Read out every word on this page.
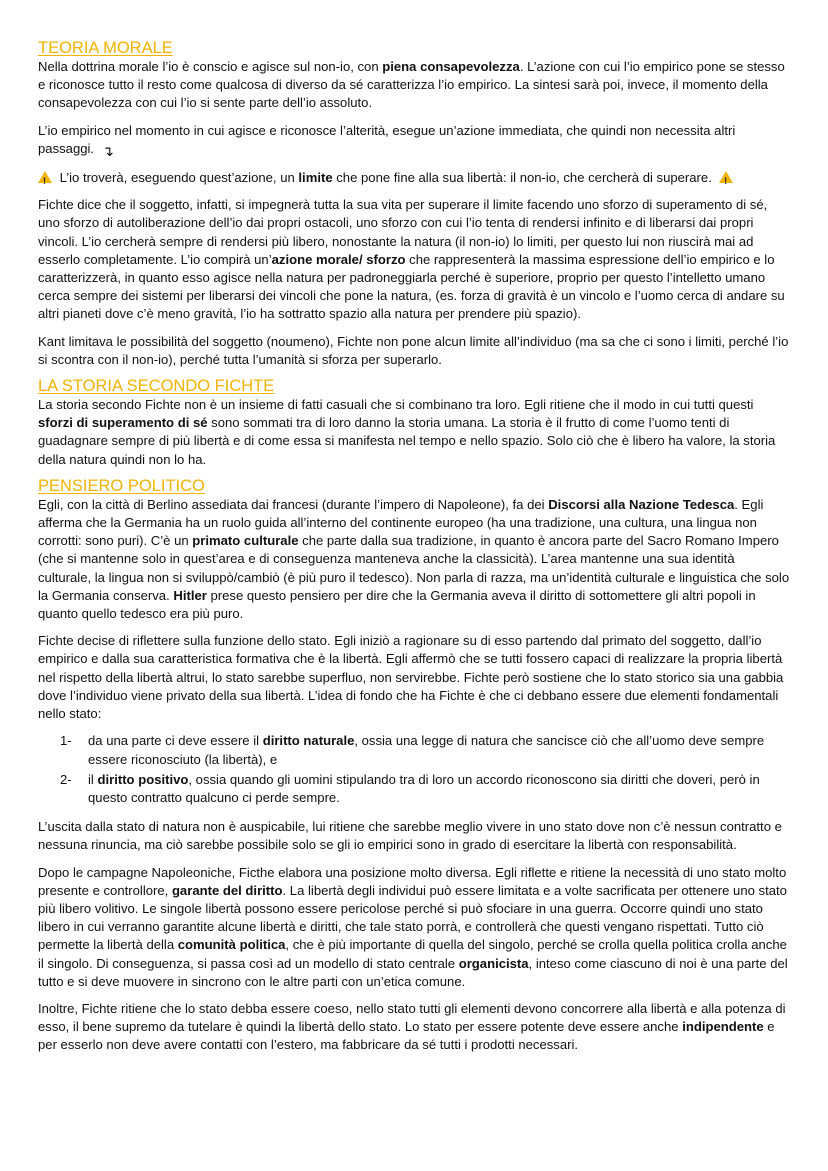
TEORIA MORALE

Nella dottrina morale l’io è conscio e agisce sul non-io, con piena consapevolezza. L’azione con cui l’io empirico pone se stesso e riconosce tutto il resto come qualcosa di diverso da sé caratterizza l’io empirico. La sintesi sarà poi, invece, il momento della consapevolezza con cui l’io si sente parte dell’io assoluto.

L’io empirico nel momento in cui agisce e riconosce l’alterità, esegue un’azione immediata, che quindi non necessita altri passaggi. ↴

! L’io troverà, eseguendo quest’azione, un limite che pone fine alla sua libertà: il non-io, che cercherà di superare.  !

Fichte dice che il soggetto, infatti, si impegnerà tutta la sua vita per superare il limite facendo uno sforzo di superamento di sé, uno sforzo di autoliberazione dell’io dai propri ostacoli, uno sforzo con cui l’io tenta di rendersi infinito e di liberarsi dai propri vincoli. L’io cercherà sempre di rendersi più libero, nonostante la natura (il non-io) lo limiti, per questo lui non riuscirà mai ad esserlo completamente. L’io compirà un’azione morale/ sforzo che rappresenterà la massima espressione dell’io empirico e lo caratterizzerà, in quanto esso agisce nella natura per padroneggiarla perché è superiore, proprio per questo l’intelletto umano cerca sempre dei sistemi per liberarsi dei vincoli che pone la natura, (es. forza di gravità è un vincolo e l’uomo cerca di andare su altri pianeti dove c’è meno gravità, l’io ha sottratto spazio alla natura per prendere più spazio).

Kant limitava le possibilità del soggetto (noumeno), Fichte non pone alcun limite all’individuo (ma sa che ci sono i limiti, perché l’io si scontra con il non-io), perché tutta l’umanità si sforza per superarlo.

LA STORIA SECONDO FICHTE

La storia secondo Fichte non è un insieme di fatti casuali che si combinano tra loro. Egli ritiene che il modo in cui tutti questi sforzi di superamento di sé sono sommati tra di loro danno la storia umana. La storia è il frutto di come l’uomo tenti di guadagnare sempre di più libertà e di come essa si manifesta nel tempo e nello spazio. Solo ciò che è libero ha valore, la storia della natura quindi non lo ha.

PENSIERO POLITICO

Egli, con la città di Berlino assediata dai francesi (durante l’impero di Napoleone), fa dei Discorsi alla Nazione Tedesca. Egli afferma che la Germania ha un ruolo guida all’interno del continente europeo (ha una tradizione, una cultura, una lingua non corrotti: sono puri). C’è un primato culturale che parte dalla sua tradizione, in quanto è ancora parte del Sacro Romano Impero (che si mantenne solo in quest’area e di conseguenza manteneva anche la classicità). L’area mantenne una sua identità culturale, la lingua non si sviluppò/cambiò (è più puro il tedesco). Non parla di razza, ma un’identità culturale e linguistica che solo la Germania conserva. Hitler prese questo pensiero per dire che la Germania aveva il diritto di sottomettere gli altri popoli in quanto quello tedesco era più puro.

Fichte decise di riflettere sulla funzione dello stato. Egli iniziò a ragionare su di esso partendo dal primato del soggetto, dall’io empirico e dalla sua caratteristica formativa che è la libertà. Egli affermò che se tutti fossero capaci di realizzare la propria libertà nel rispetto della libertà altrui, lo stato sarebbe superfluo, non servirebbe. Fichte però sostiene che lo stato storico sia una gabbia dove l’individuo viene privato della sua libertà. L’idea di fondo che ha Fichte è che ci debbano essere due elementi fondamentali nello stato:

1- da una parte ci deve essere il diritto naturale, ossia una legge di natura che sancisce ciò che all’uomo deve sempre essere riconosciuto (la libertà), e
2- il diritto positivo, ossia quando gli uomini stipulando tra di loro un accordo riconoscono sia diritti che doveri, però in questo contratto qualcuno ci perde sempre.

L’uscita dalla stato di natura non è auspicabile, lui ritiene che sarebbe meglio vivere in uno stato dove non c’è nessun contratto e nessuna rinuncia, ma ciò sarebbe possibile solo se gli io empirici sono in grado di esercitare la libertà con responsabilità.

Dopo le campagne Napoleoniche, Ficthe elabora una posizione molto diversa. Egli riflette e ritiene la necessità di uno stato molto presente e controllore, garante del diritto. La libertà degli individui può essere limitata e a volte sacrificata per ottenere uno stato più libero volitivo. Le singole libertà possono essere pericolose perché si può sfociare in una guerra. Occorre quindi uno stato libero in cui verranno garantite alcune libertà e diritti, che tale stato porrà, e controllerà che questi vengano rispettati. Tutto ciò permette la libertà della comunità politica, che è più importante di quella del singolo, perché se crolla quella politica crolla anche il singolo. Di conseguenza, si passa così ad un modello di stato centrale organicista, inteso come ciascuno di noi è una parte del tutto e si deve muovere in sincrono con le altre parti con un’etica comune.

Inoltre, Fichte ritiene che lo stato debba essere coeso, nello stato tutti gli elementi devono concorrere alla libertà e alla potenza di esso, il bene supremo da tutelare è quindi la libertà dello stato. Lo stato per essere potente deve essere anche indipendente e per esserlo non deve avere contatti con l’estero, ma fabbricare da sé tutti i prodotti necessari.
